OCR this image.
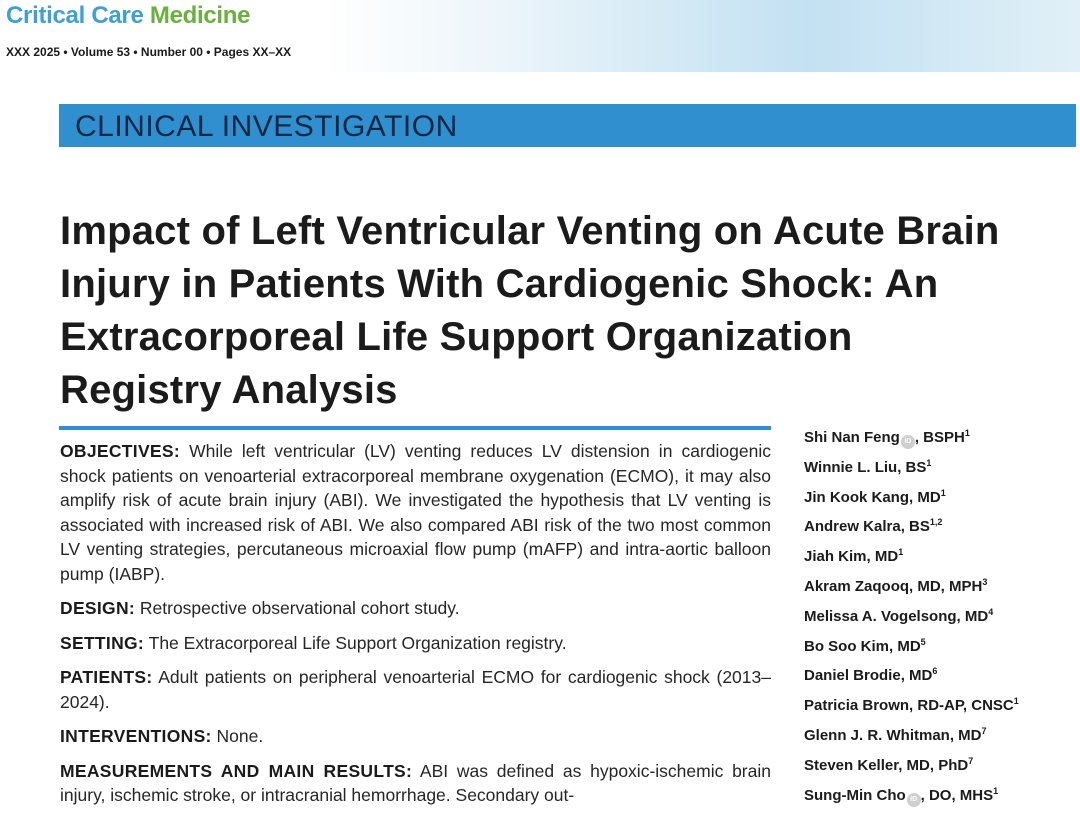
Critical Care Medicine
XXX 2025 • Volume 53 • Number 00 • Pages XX–XX
CLINICAL INVESTIGATION
Impact of Left Ventricular Venting on Acute Brain Injury in Patients With Cardiogenic Shock: An Extracorporeal Life Support Organization Registry Analysis

OBJECTIVES: While left ventricular (LV) venting reduces LV distension in cardiogenic shock patients on venoarterial extracorporeal membrane oxygenation (ECMO), it may also amplify risk of acute brain injury (ABI). We investigated the hypothesis that LV venting is associated with increased risk of ABI. We also compared ABI risk of the two most common LV venting strategies, percutaneous microaxial flow pump (mAFP) and intra-aortic balloon pump (IABP).

DESIGN: Retrospective observational cohort study.

SETTING: The Extracorporeal Life Support Organization registry.

PATIENTS: Adult patients on peripheral venoarterial ECMO for cardiogenic shock (2013–2024).

INTERVENTIONS: None.

MEASUREMENTS AND MAIN RESULTS: ABI was defined as hypoxic-ischemic brain injury, ischemic stroke, or intracranial hemorrhage. Secondary out-

Shi Nan Feng iD , BSPH$^1$
Winnie L. Liu, $BS^1$
Jin Kook Kang, $MD^1$
Andrew Kalra, BS$^{1,2}$
Jiah Kim, $MD^1$
Akram Zaqooq, MD, MPH$^3$
Melissa A. Vogelsong, $MD^4$
Bo Soo Kim, $MD^5$
Daniel Brodie, $MD^6$
Patricia Brown, RD-AP, CNSC$^1$
Glenn J. R. Whitman, $MD^7$
Steven Keller, MD, PhD$^7$
Sung-Min Cho iD , DO, MHS$^1$
